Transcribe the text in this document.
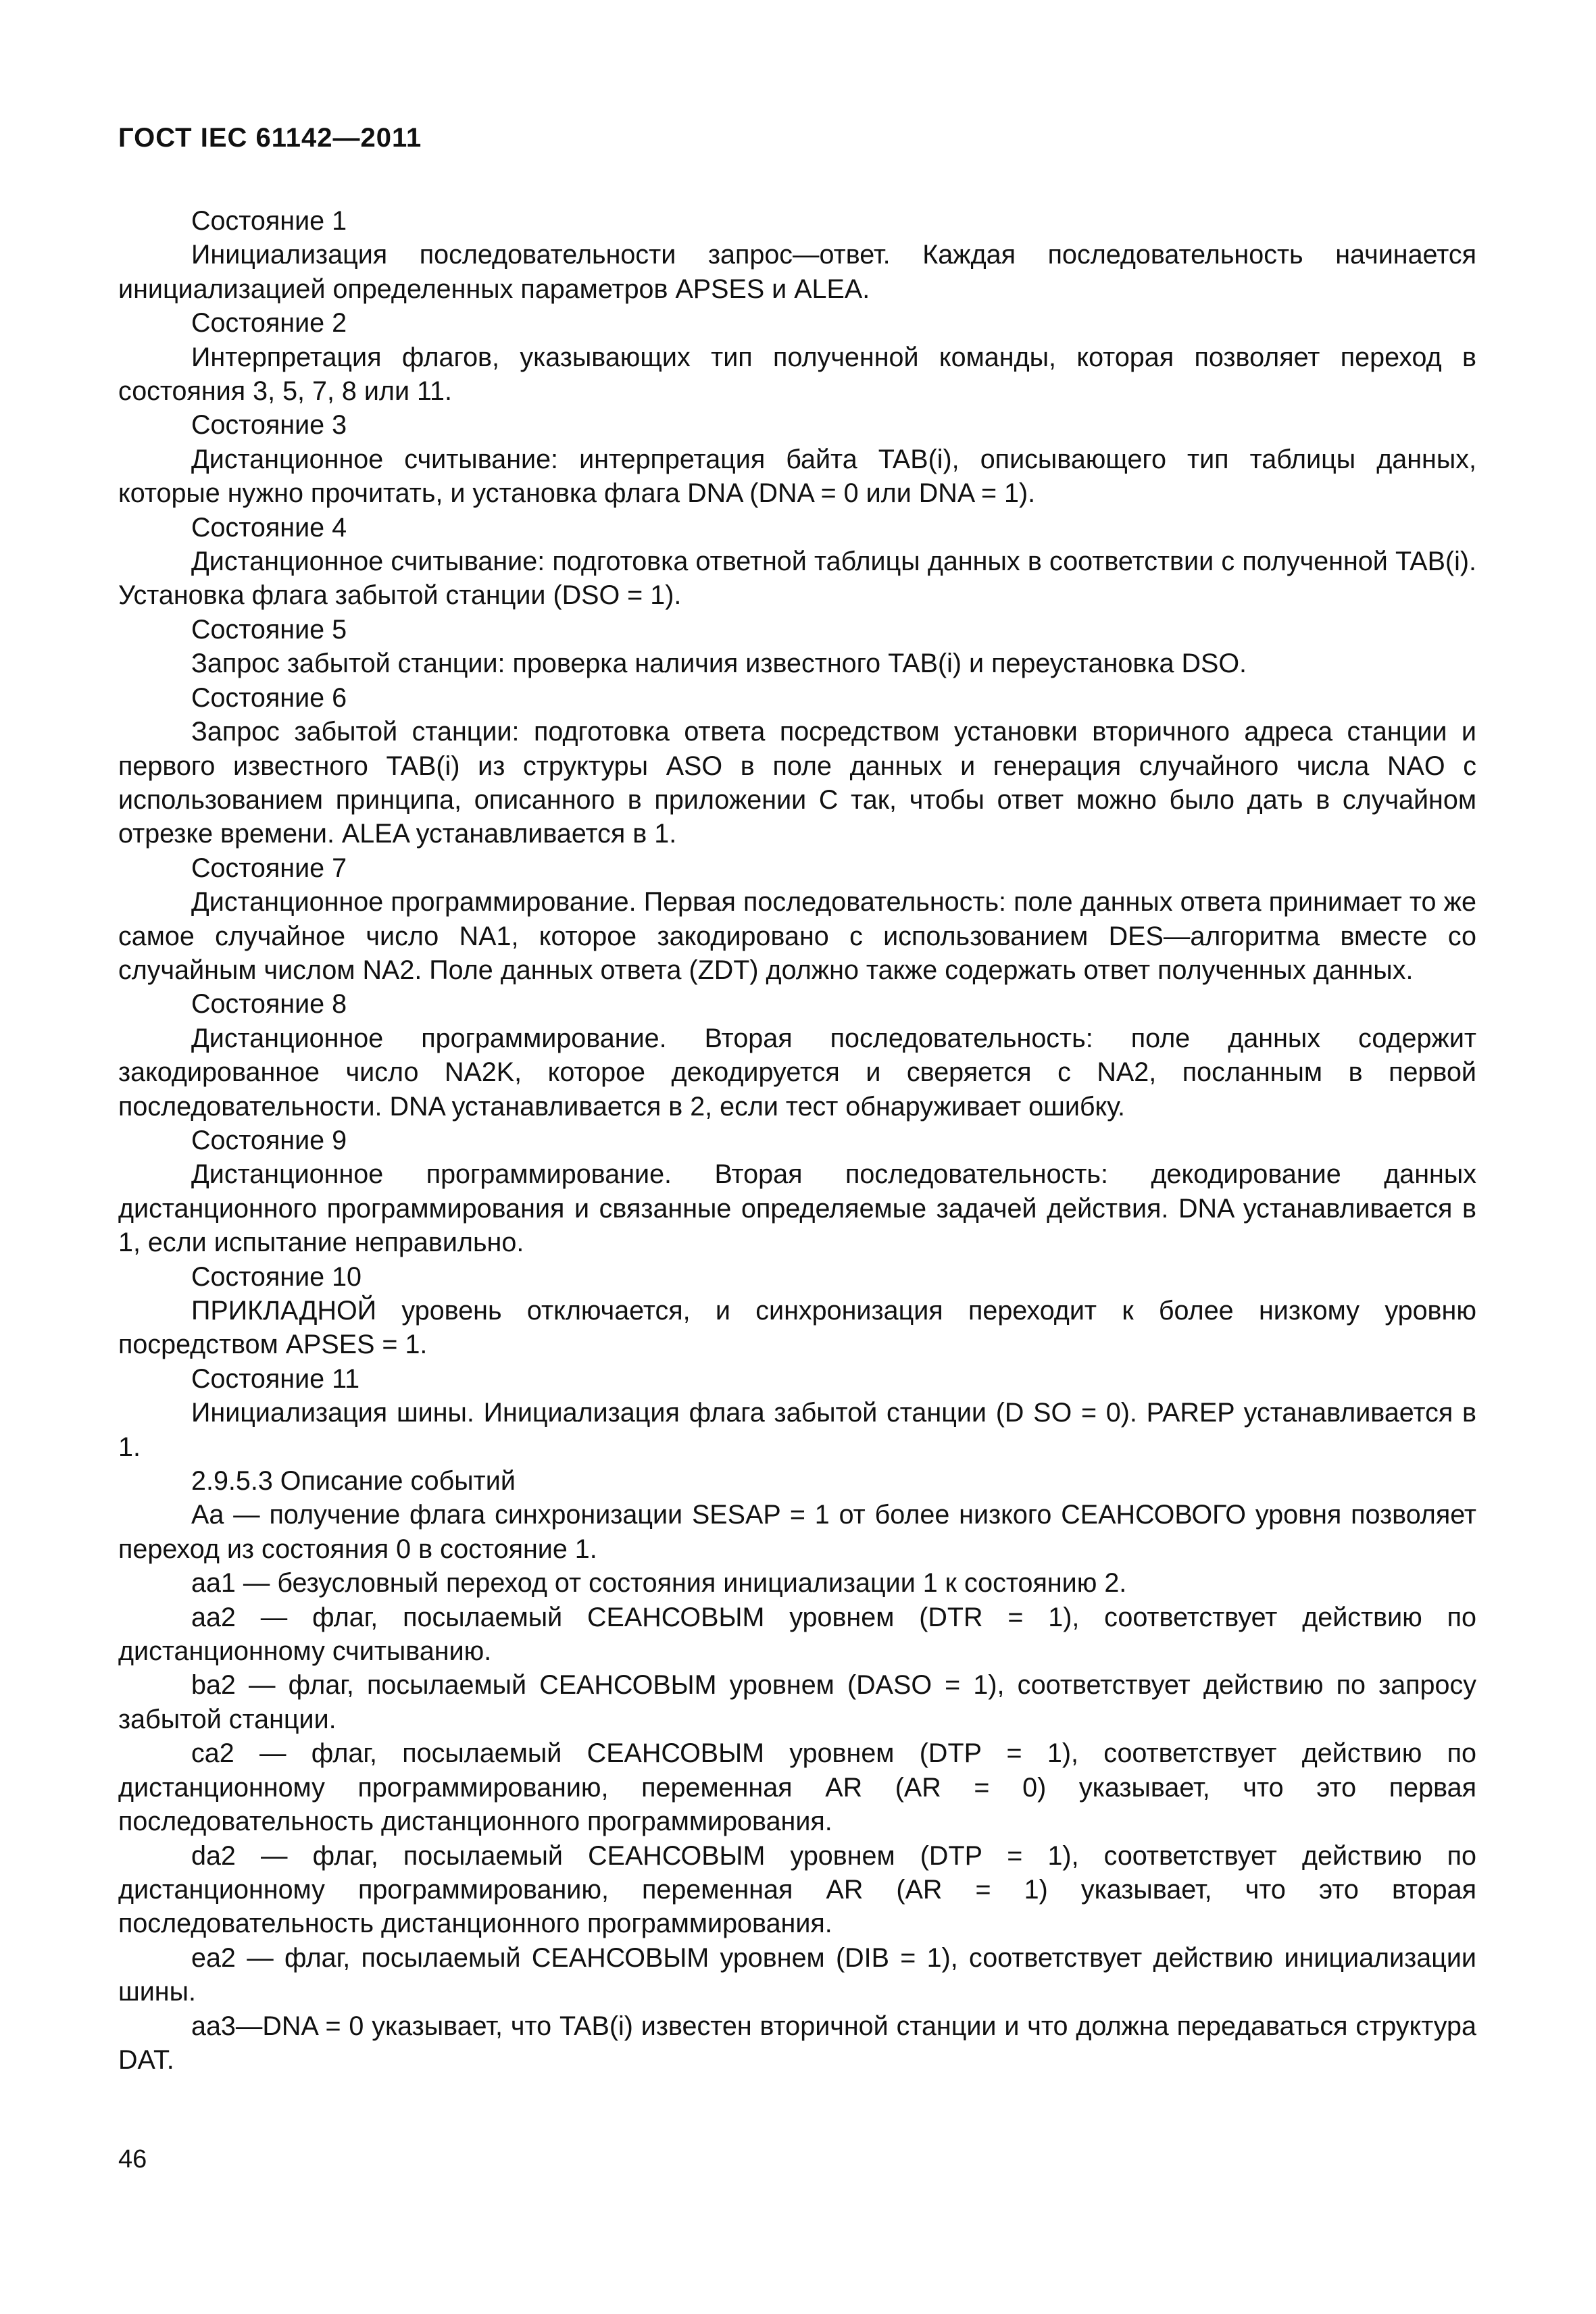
ГОСТ IEC 61142—2011

Состояние 1

Инициализация последовательности запрос—ответ. Каждая последовательность начинается инициализацией определенных параметров APSES и ALEA.

Состояние 2

Интерпретация флагов, указывающих тип полученной команды, которая позволяет переход в состояния 3, 5, 7, 8 или 11.

Состояние 3

Дистанционное считывание: интерпретация байта TAB(i), описывающего тип таблицы данных, которые нужно прочитать, и установка флага DNA (DNA = 0 или DNA = 1).

Состояние 4

Дистанционное считывание: подготовка ответной таблицы данных в соответствии с полученной TAB(i). Установка флага забытой станции (DSO = 1).

Состояние 5

Запрос забытой станции: проверка наличия известного TAB(i) и переустановка DSO.

Состояние 6

Запрос забытой станции: подготовка ответа посредством установки вторичного адреса станции и первого известного TAB(i) из структуры ASO в поле данных и генерация случайного числа NAO с использованием принципа, описанного в приложении С так, чтобы ответ можно было дать в случайном отрезке времени. ALEA устанавливается в 1.

Состояние 7

Дистанционное программирование. Первая последовательность: поле данных ответа принимает то же самое случайное число NA1, которое закодировано с использованием DES—алгоритма вместе со случайным числом NA2. Поле данных ответа (ZDT) должно также содержать ответ полученных данных.

Состояние 8

Дистанционное программирование. Вторая последовательность: поле данных содержит закодированное число NA2K, которое декодируется и сверяется с NA2, посланным в первой последовательности. DNA устанавливается в 2, если тест обнаруживает ошибку.

Состояние 9

Дистанционное программирование. Вторая последовательность: декодирование данных дистанционного программирования и связанные определяемые задачей действия. DNA устанавливается в 1, если испытание неправильно.

Состояние 10

ПРИКЛАДНОЙ уровень отключается, и синхронизация переходит к более низкому уровню посредством APSES = 1.

Состояние 11

Инициализация шины. Инициализация флага забытой станции (D SO = 0). PAREP устанавливается в 1.

2.9.5.3 Описание событий

Aa — получение флага синхронизации SESAP = 1 от более низкого СЕАНСОВОГО уровня позволяет переход из состояния 0 в состояние 1.

aa1 — безусловный переход от состояния инициализации 1 к состоянию 2.

aa2 — флаг, посылаемый СЕАНСОВЫМ уровнем (DTR = 1), соответствует действию по дистанционному считыванию.

ba2 — флаг, посылаемый СЕАНСОВЫМ уровнем (DASO = 1), соответствует действию по запросу забытой станции.

ca2 — флаг, посылаемый СЕАНСОВЫМ уровнем (DTP = 1), соответствует действию по дистанционному программированию, переменная AR (AR = 0) указывает, что это первая последовательность дистанционного программирования.

da2 — флаг, посылаемый СЕАНСОВЫМ уровнем (DTP = 1), соответствует действию по дистанционному программированию, переменная AR (AR = 1) указывает, что это вторая последовательность дистанционного программирования.

ea2 — флаг, посылаемый СЕАНСОВЫМ уровнем (DIB = 1), соответствует действию инициализации шины.

aa3—DNA = 0 указывает, что TAB(i) известен вторичной станции и что должна передаваться структура DAT.

46
